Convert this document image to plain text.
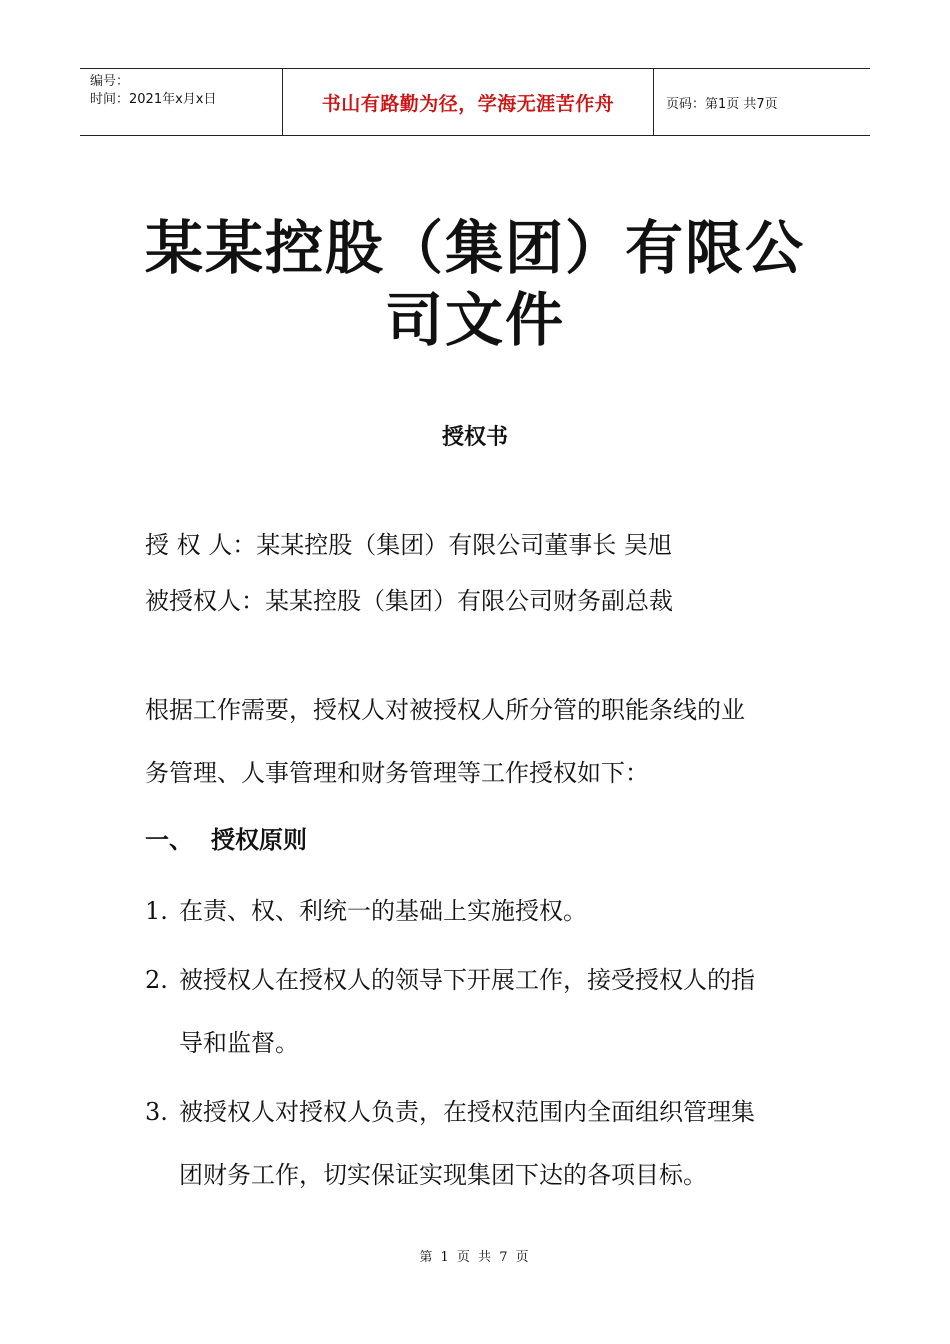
编号：
时间：2021年x月x日	书山有路勤为径，学海无涯苦作舟	页码：第1页 共7页
某某控股（集团）有限公
司文件
授权书
授 权 人：某某控股（集团）有限公司董事长 吴旭
被授权人：某某控股（集团）有限公司财务副总裁
根据工作需要，授权人对被授权人所分管的职能条线的业
务管理、人事管理和财务管理等工作授权如下：
一、 授权原则
1. 在责、权、利统一的基础上实施授权。
2. 被授权人在授权人的领导下开展工作，接受授权人的指
导和监督。
3. 被授权人对授权人负责，在授权范围内全面组织管理集
团财务工作，切实保证实现集团下达的各项目标。
第 1 页 共 7 页
